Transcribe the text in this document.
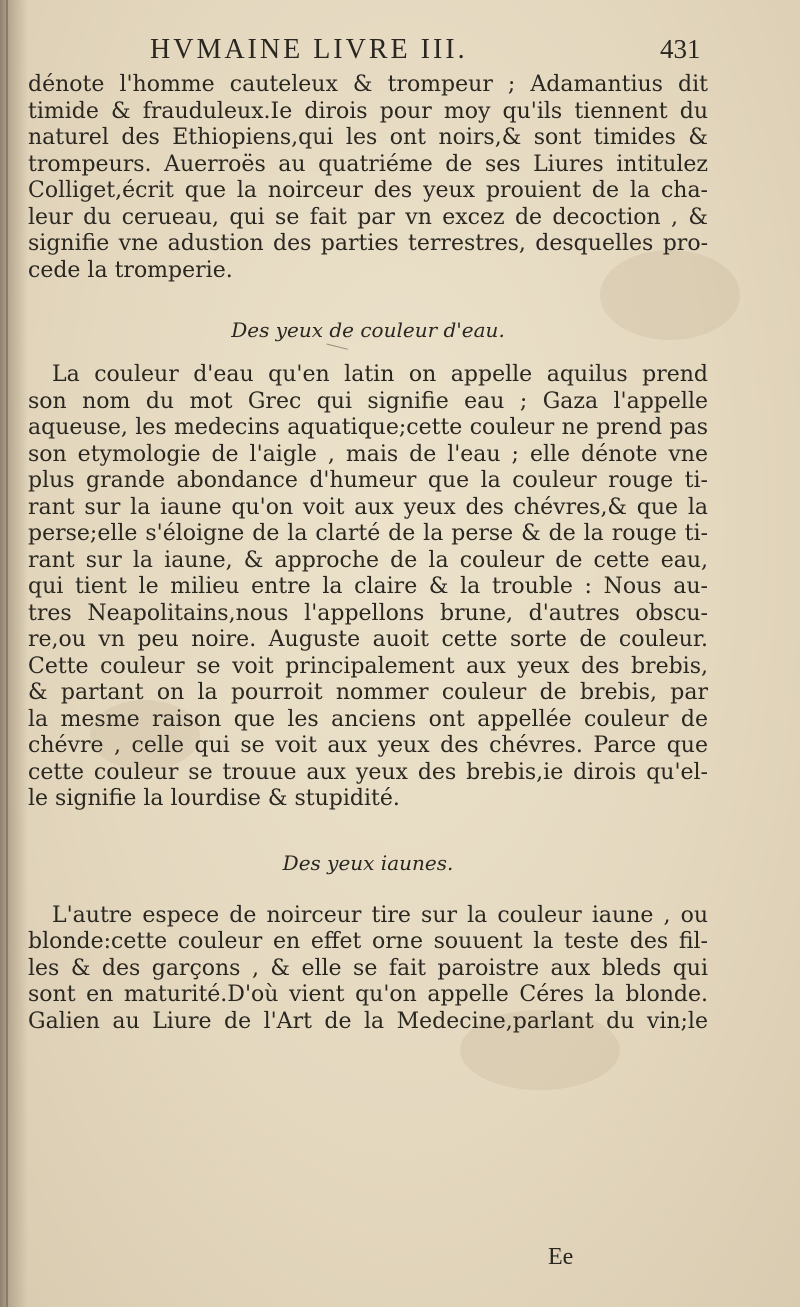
HVMAINE LIVRE III.	431
dénote l'homme cauteleux & trompeur ; Adamantius dit
timide & frauduleux.Ie dirois pour moy qu'ils tiennent du
naturel des Ethiopiens,qui les ont noirs,& sont timides &
trompeurs. Auerroës au quatriéme de ses Liures intitulez
Colliget,écrit que la noirceur des yeux prouient de la cha-
leur du cerueau, qui se fait par vn excez de decoction , &
signifie vne adustion des parties terrestres, desquelles pro-
cede la tromperie.
Des yeux de couleur d'eau.
La couleur d'eau qu'en latin on appelle aquilus prend
son nom du mot Grec qui signifie eau ; Gaza l'appelle
aqueuse, les medecins aquatique;cette couleur ne prend pas
son etymologie de l'aigle , mais de l'eau ; elle dénote vne
plus grande abondance d'humeur que la couleur rouge ti-
rant sur la iaune qu'on voit aux yeux des chévres,& que la
perse;elle s'éloigne de la clarté de la perse & de la rouge ti-
rant sur la iaune, & approche de la couleur de cette eau,
qui tient le milieu entre la claire & la trouble : Nous au-
tres Neapolitains,nous l'appellons brune, d'autres obscu-
re,ou vn peu noire. Auguste auoit cette sorte de couleur.
Cette couleur se voit principalement aux yeux des brebis,
& partant on la pourroit nommer couleur de brebis, par
la mesme raison que les anciens ont appellée couleur de
chévre , celle qui se voit aux yeux des chévres. Parce que
cette couleur se trouue aux yeux des brebis,ie dirois qu'el-
le signifie la lourdise & stupidité.
Des yeux iaunes.
L'autre espece de noirceur tire sur la couleur iaune , ou
blonde:cette couleur en effet orne souuent la teste des fil-
les & des garçons , & elle se fait paroistre aux bleds qui
sont en maturité.D'où vient qu'on appelle Céres la blonde.
Galien au Liure de l'Art de la Medecine,parlant du vin;le
Ee
